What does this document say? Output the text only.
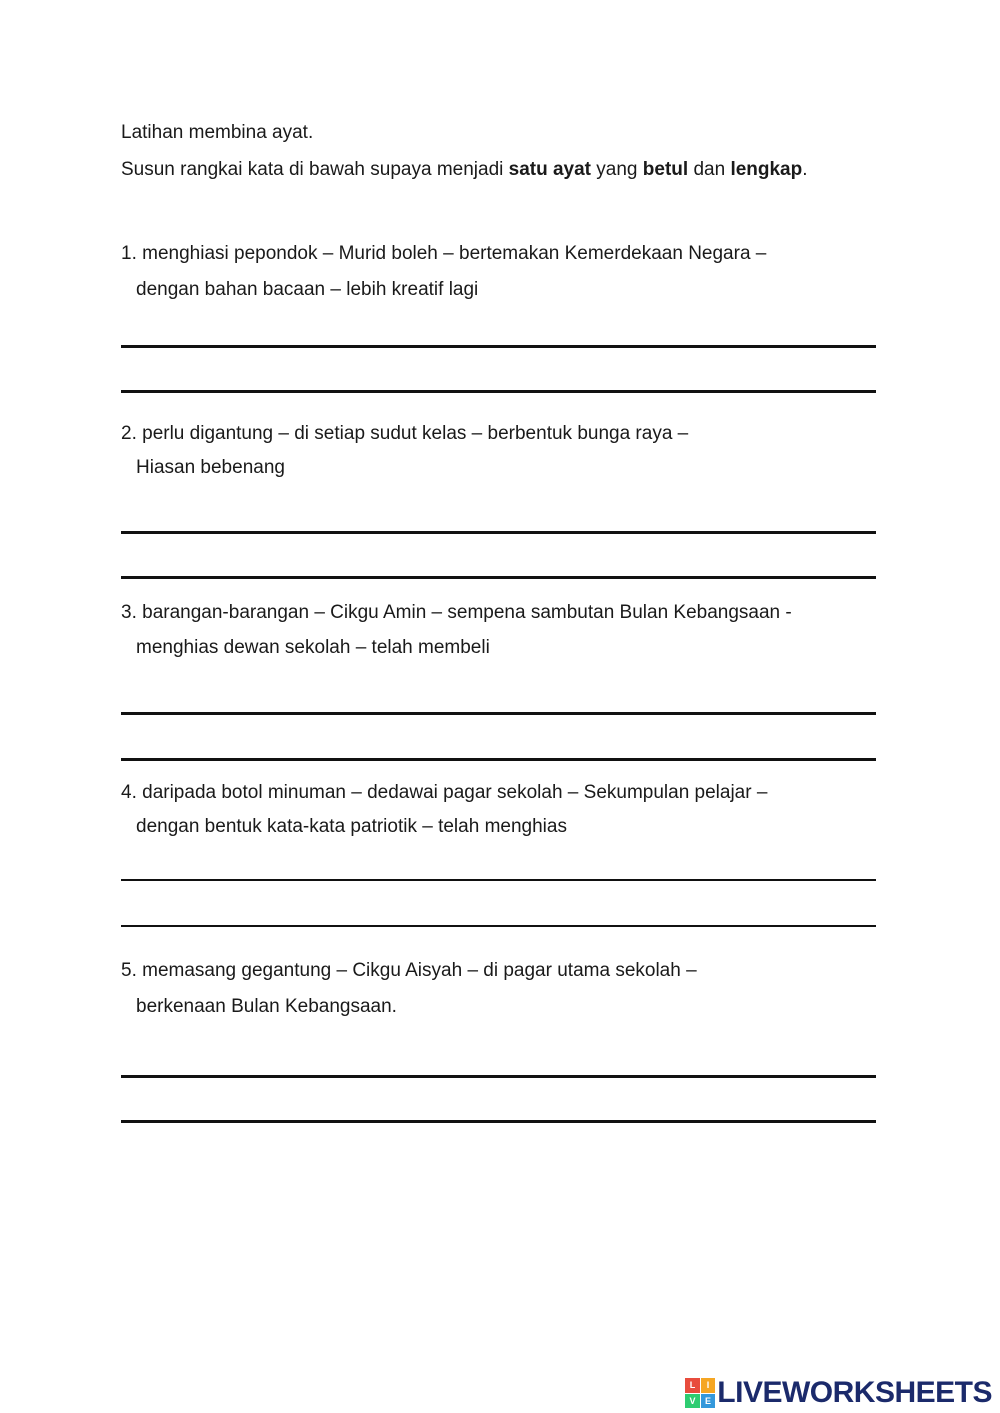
Latihan membina ayat.
Susun rangkai kata di bawah supaya menjadi satu ayat yang betul dan lengkap.
1. menghiasi pepondok – Murid boleh – bertemakan Kemerdekaan Negara –
dengan bahan bacaan – lebih kreatif lagi
2. perlu digantung – di setiap sudut kelas – berbentuk bunga raya –
Hiasan bebenang
3. barangan-barangan – Cikgu Amin – sempena sambutan Bulan Kebangsaan -
menghias dewan sekolah – telah membeli
4. daripada botol minuman – dedawai pagar sekolah – Sekumpulan pelajar –
dengan bentuk kata-kata patriotik – telah menghias
5. memasang gegantung – Cikgu Aisyah – di pagar utama sekolah –
berkenaan Bulan Kebangsaan.
L	I
V	E LIVEWORKSHEETS
